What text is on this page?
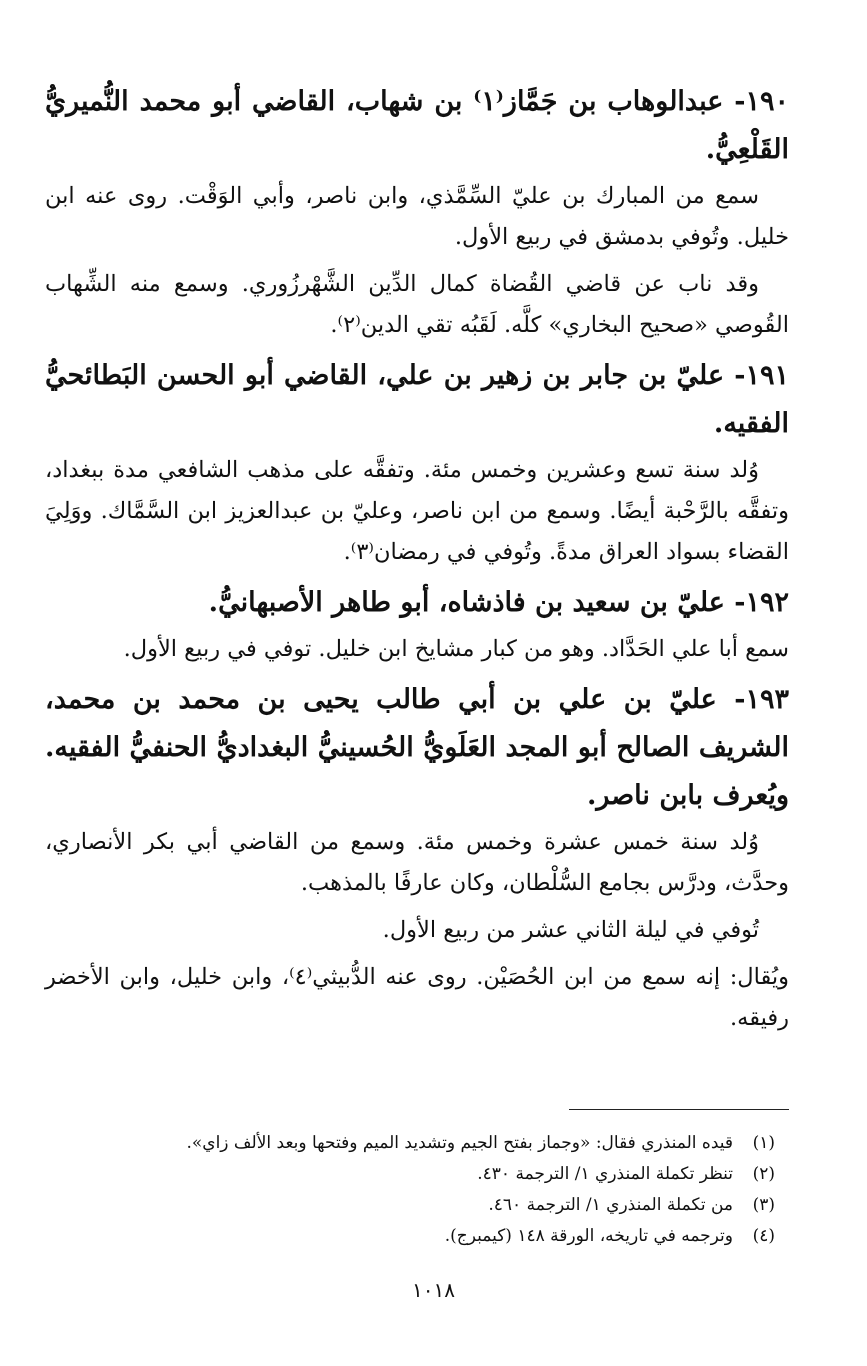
١٩٠- عبدالوهاب بن جَمَّاز⁽١⁾ بن شهاب، القاضي أبو محمد النُّميريُّ القَلْعِيُّ.

سمع من المبارك بن عليّ السِّمَّذي، وابن ناصر، وأبي الوَقْت. روى عنه ابن خليل. وتُوفي بدمشق في ربيع الأول.

وقد ناب عن قاضي القُضاة كمال الدِّين الشَّهْرزُوري. وسمع منه الشِّهاب القُوصي «صحيح البخاري» كلَّه. لَقَبُه تقي الدين⁽٢⁾.

١٩١- عليّ بن جابر بن زهير بن علي، القاضي أبو الحسن البَطائحيُّ الفقيه.

وُلد سنة تسع وعشرين وخمس مئة. وتفقَّه على مذهب الشافعي مدة ببغداد، وتفقَّه بالرَّحْبة أيضًا. وسمع من ابن ناصر، وعليّ بن عبدالعزيز ابن السَّمَّاك. ووَلِيَ القضاء بسواد العراق مدةً. وتُوفي في رمضان⁽٣⁾.

١٩٢- عليّ بن سعيد بن فاذشاه، أبو طاهر الأصبهانيُّ.

سمع أبا علي الحَدَّاد. وهو من كبار مشايخ ابن خليل. توفي في ربيع الأول.

١٩٣- عليّ بن علي بن أبي طالب يحيى بن محمد بن محمد، الشريف الصالح أبو المجد العَلَويُّ الحُسينيُّ البغداديُّ الحنفيُّ الفقيه. ويُعرف بابن ناصر.

وُلد سنة خمس عشرة وخمس مئة. وسمع من القاضي أبي بكر الأنصاري، وحدَّث، ودرَّس بجامع السُّلْطان، وكان عارفًا بالمذهب.

تُوفي في ليلة الثاني عشر من ربيع الأول.

ويُقال: إنه سمع من ابن الحُصَيْن. روى عنه الدُّبيثي⁽٤⁾، وابن خليل، وابن الأخضر رفيقه.

(١)
قيده المنذري فقال: «وجماز بفتح الجيم وتشديد الميم وفتحها وبعد الألف زاي».
(٢)
تنظر تكملة المنذري ١/ الترجمة ٤٣٠.
(٣)
من تكملة المنذري ١/ الترجمة ٤٦٠.
(٤)
وترجمه في تاريخه، الورقة ١٤٨ (كيمبرج).
١٠١٨
